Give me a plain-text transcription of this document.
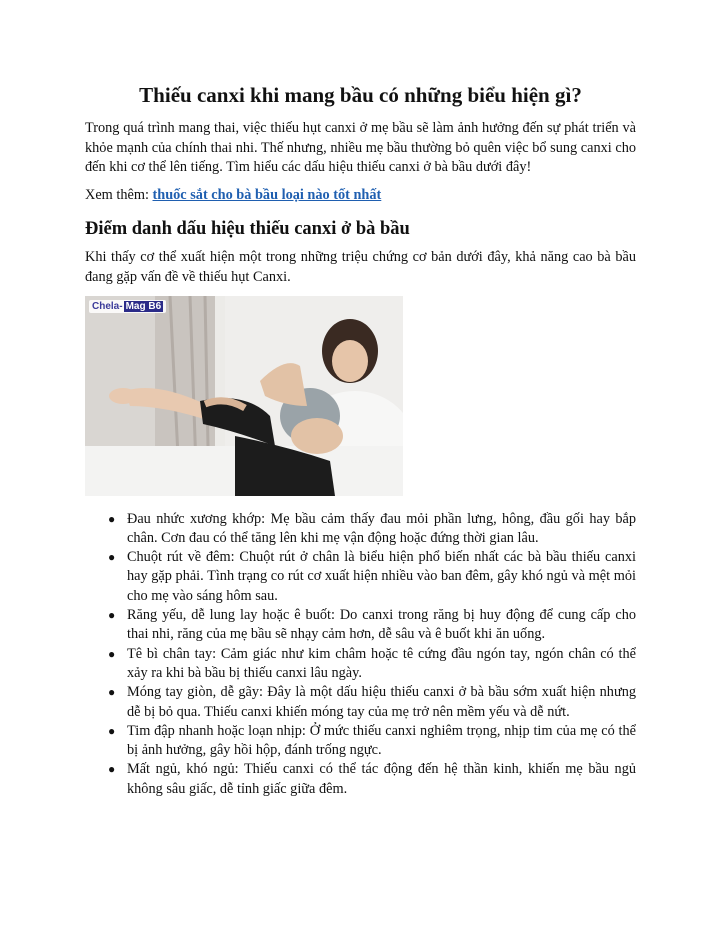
Thiếu canxi khi mang bầu có những biểu hiện gì?

Trong quá trình mang thai, việc thiếu hụt canxi ở mẹ bầu sẽ làm ảnh hưởng đến sự phát triển và khỏe mạnh của chính thai nhi. Thế nhưng, nhiều mẹ bầu thường bỏ quên việc bổ sung canxi cho đến khi cơ thể lên tiếng. Tìm hiểu các dấu hiệu thiếu canxi ở bà bầu dưới đây!

Xem thêm: thuốc sắt cho bà bầu loại nào tốt nhất

Điểm danh dấu hiệu thiếu canxi ở bà bầu

Khi thấy cơ thể xuất hiện một trong những triệu chứng cơ bản dưới đây, khả năng cao bà bầu đang gặp vấn đề về thiếu hụt Canxi.

Chela- Mag B6
● Đau nhức xương khớp: Mẹ bầu cảm thấy đau mỏi phần lưng, hông, đầu gối hay bắp chân. Cơn đau có thể tăng lên khi mẹ vận động hoặc đứng thời gian lâu.
● Chuột rút về đêm: Chuột rút ở chân là biểu hiện phổ biến nhất các bà bầu thiếu canxi hay gặp phải. Tình trạng co rút cơ xuất hiện nhiều vào ban đêm, gây khó ngủ và mệt mỏi cho mẹ vào sáng hôm sau.
● Răng yếu, dễ lung lay hoặc ê buốt: Do canxi trong răng bị huy động để cung cấp cho thai nhi, răng của mẹ bầu sẽ nhạy cảm hơn, dễ sâu và ê buốt khi ăn uống.
● Tê bì chân tay: Cảm giác như kim châm hoặc tê cứng đầu ngón tay, ngón chân có thể xảy ra khi bà bầu bị thiếu canxi lâu ngày.
● Móng tay giòn, dễ gãy: Đây là một dấu hiệu thiếu canxi ở bà bầu sớm xuất hiện nhưng dễ bị bỏ qua. Thiếu canxi khiến móng tay của mẹ trở nên mềm yếu và dễ nứt.
● Tim đập nhanh hoặc loạn nhịp: Ở mức thiếu canxi nghiêm trọng, nhịp tim của mẹ có thể bị ảnh hưởng, gây hồi hộp, đánh trống ngực.
● Mất ngủ, khó ngủ: Thiếu canxi có thể tác động đến hệ thần kinh, khiến mẹ bầu ngủ không sâu giấc, dễ tỉnh giấc giữa đêm.
